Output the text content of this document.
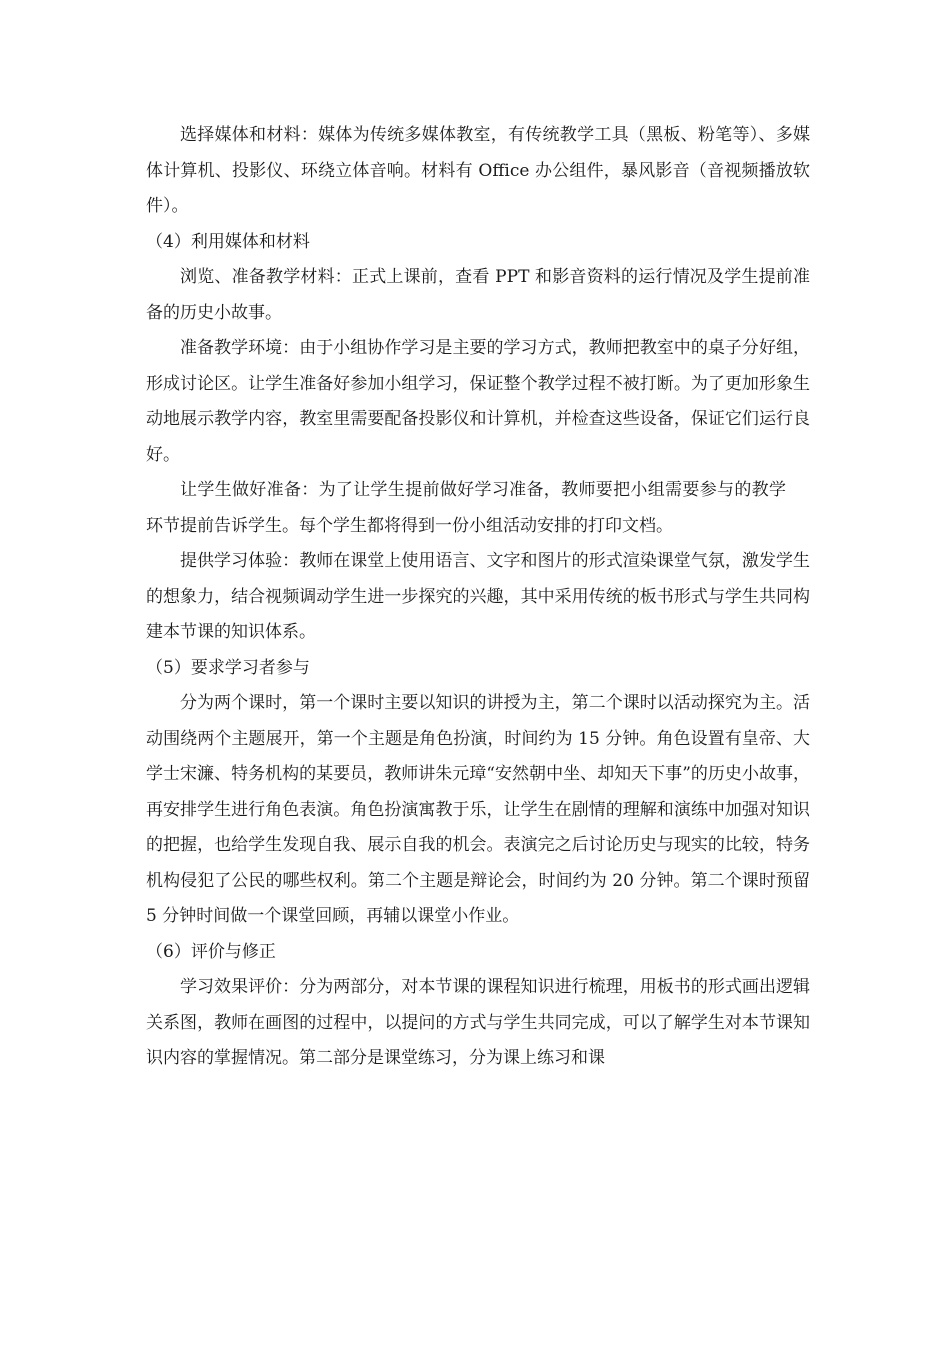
选择媒体和材料：媒体为传统多媒体教室，有传统教学工具（黑板、粉笔等）、多媒体计算机、投影仪、环绕立体音响。材料有 Office 办公组件，暴风影音（音视频播放软件）。

（4）利用媒体和材料

浏览、准备教学材料：正式上课前，查看 PPT 和影音资料的运行情况及学生提前准备的历史小故事。

准备教学环境：由于小组协作学习是主要的学习方式，教师把教室中的桌子分好组，形成讨论区。让学生准备好参加小组学习，保证整个教学过程不被打断。为了更加形象生动地展示教学内容，教室里需要配备投影仪和计算机，并检查这些设备，保证它们运行良好。

让学生做好准备：为了让学生提前做好学习准备，教师要把小组需要参与的教学环节提前告诉学生。每个学生都将得到一份小组活动安排的打印文档。

提供学习体验：教师在课堂上使用语言、文字和图片的形式渲染课堂气氛，激发学生的想象力，结合视频调动学生进一步探究的兴趣，其中采用传统的板书形式与学生共同构建本节课的知识体系。

（5）要求学习者参与

分为两个课时，第一个课时主要以知识的讲授为主，第二个课时以活动探究为主。活动围绕两个主题展开，第一个主题是角色扮演，时间约为 15 分钟。角色设置有皇帝、大学士宋濂、特务机构的某要员，教师讲朱元璋“安然朝中坐、却知天下事”的历史小故事，再安排学生进行角色表演。角色扮演寓教于乐，让学生在剧情的理解和演练中加强对知识的把握，也给学生发现自我、展示自我的机会。表演完之后讨论历史与现实的比较，特务机构侵犯了公民的哪些权利。第二个主题是辩论会，时间约为 20 分钟。第二个课时预留 5 分钟时间做一个课堂回顾，再辅以课堂小作业。

（6）评价与修正

学习效果评价：分为两部分，对本节课的课程知识进行梳理，用板书的形式画出逻辑关系图，教师在画图的过程中，以提问的方式与学生共同完成，可以了解学生对本节课知识内容的掌握情况。第二部分是课堂练习，分为课上练习和课
